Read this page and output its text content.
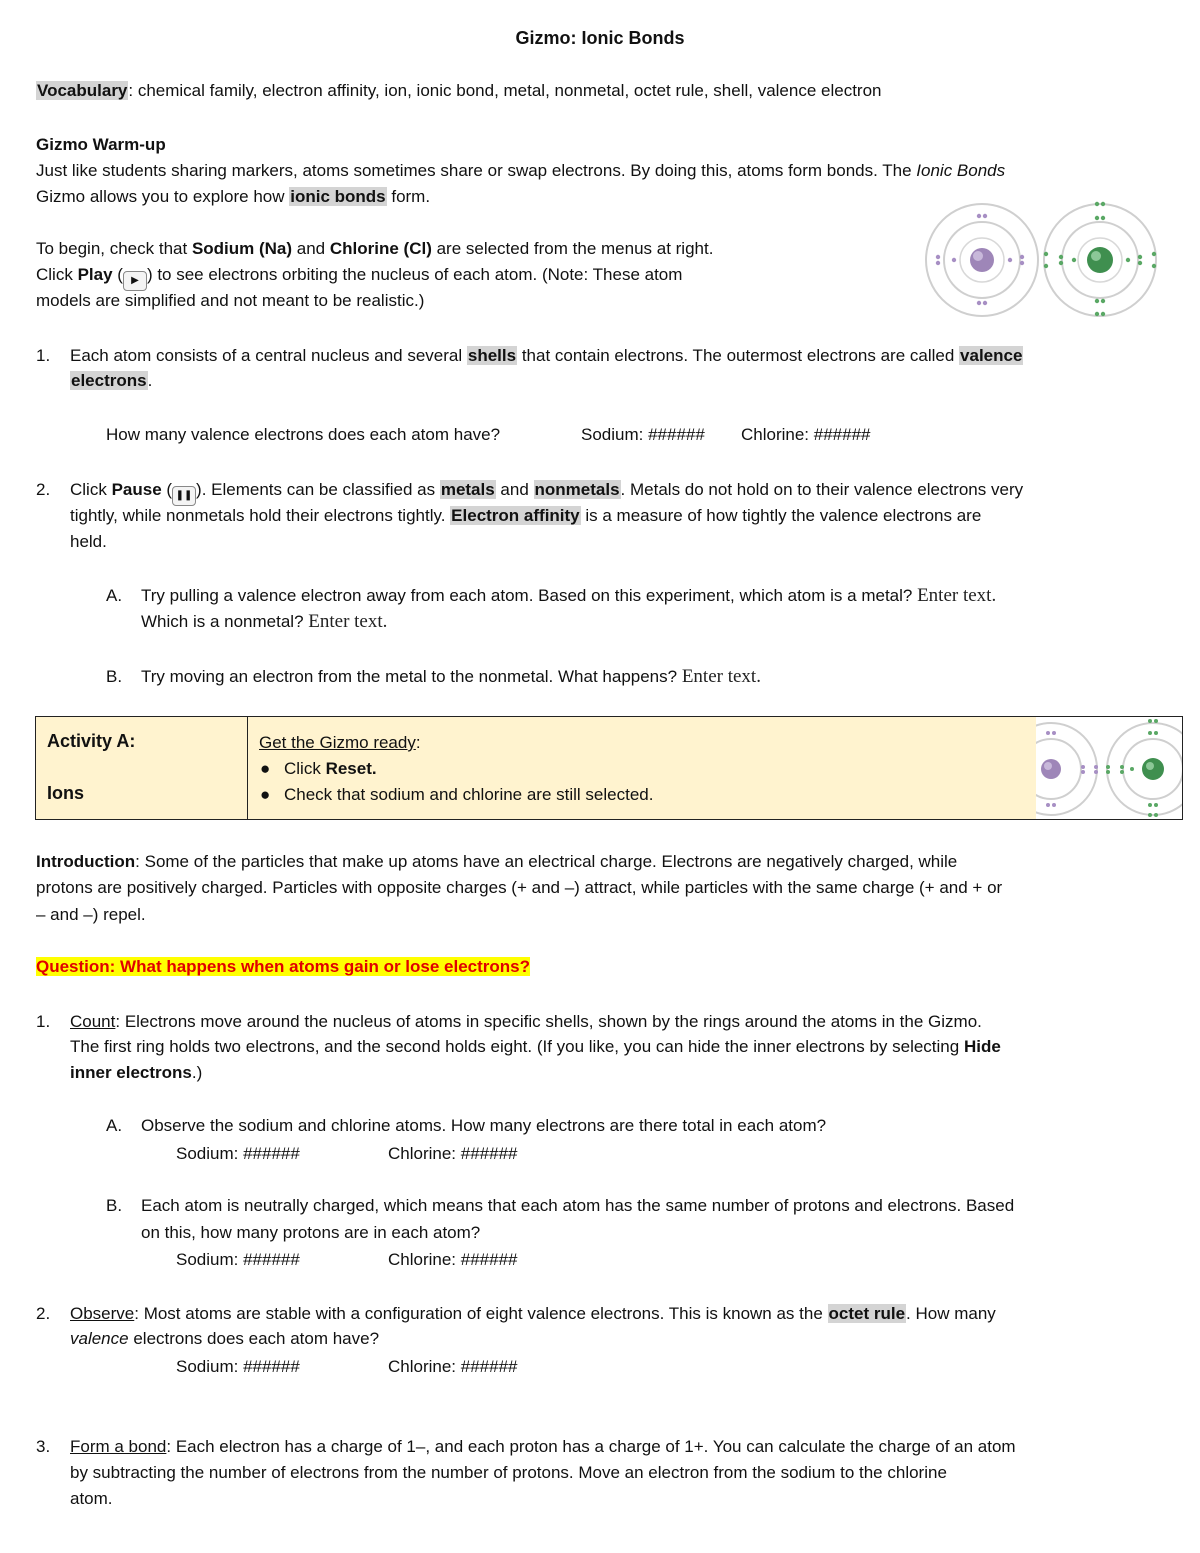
Gizmo: Ionic Bonds
Vocabulary: chemical family, electron affinity, ion, ionic bond, metal, nonmetal, octet rule, shell, valence electron
Gizmo Warm-up
Just like students sharing markers, atoms sometimes share or swap electrons. By doing this, atoms form bonds. The Ionic Bonds
Gizmo allows you to explore how ionic bonds form.
To begin, check that Sodium (Na) and Chlorine (Cl) are selected from the menus at right.
Click Play ( ▶ ) to see electrons orbiting the nucleus of each atom. (Note: These atom
models are simplified and not meant to be realistic.)
1. Each atom consists of a central nucleus and several shells that contain electrons. The outermost electrons are called valence
electrons.
How many valence electrons does each atom have?	Sodium: ###### Chlorine: ######
2. Click Pause ( ❚❚ ). Elements can be classified as metals and nonmetals. Metals do not hold on to their valence electrons very
tightly, while nonmetals hold their electrons tightly. Electron affinity is a measure of how tightly the valence electrons are
held.
A. Try pulling a valence electron away from each atom. Based on this experiment, which atom is a metal? Enter text.
Which is a nonmetal? Enter text.
B. Try moving an electron from the metal to the nonmetal. What happens? Enter text.
Activity A:
Ions
Get the Gizmo ready:
● Click Reset.
● Check that sodium and chlorine are still selected.
Introduction: Some of the particles that make up atoms have an electrical charge. Electrons are negatively charged, while
protons are positively charged. Particles with opposite charges (+ and –) attract, while particles with the same charge (+ and + or
– and –) repel.
Question: What happens when atoms gain or lose electrons?
1. Count: Electrons move around the nucleus of atoms in specific shells, shown by the rings around the atoms in the Gizmo.
The first ring holds two electrons, and the second holds eight. (If you like, you can hide the inner electrons by selecting Hide
inner electrons.)
A. Observe the sodium and chlorine atoms. How many electrons are there total in each atom?
Sodium: ######	Chlorine: ######
B. Each atom is neutrally charged, which means that each atom has the same number of protons and electrons. Based
on this, how many protons are in each atom?
Sodium: ######	Chlorine: ######
2. Observe: Most atoms are stable with a configuration of eight valence electrons. This is known as the octet rule. How many
valence electrons does each atom have?
Sodium: ######	Chlorine: ######
3. Form a bond: Each electron has a charge of 1–, and each proton has a charge of 1+. You can calculate the charge of an atom
by subtracting the number of electrons from the number of protons. Move an electron from the sodium to the chlorine
atom.
